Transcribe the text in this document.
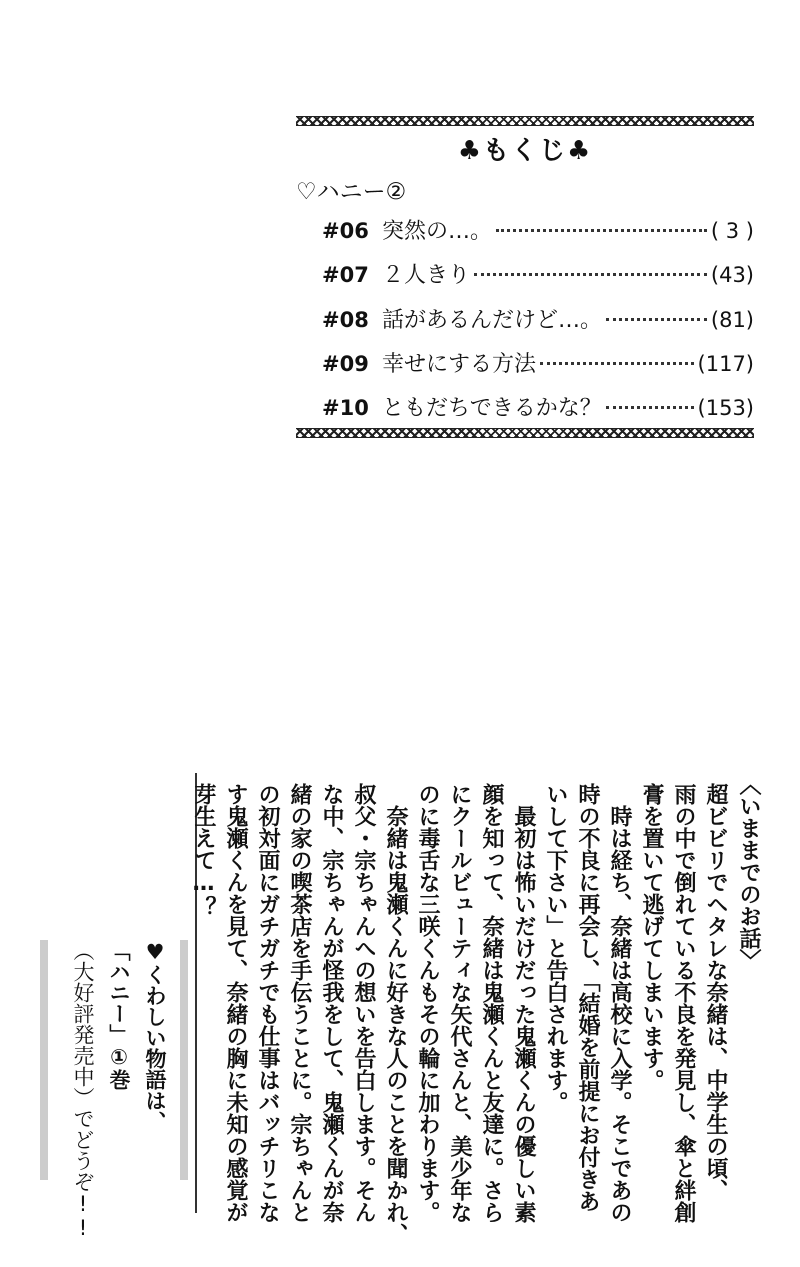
♣もくじ♣
♡ハニー②
#06 突然の…。	( 3 )
#07 ２人きり	(43)
#08 話があるんだけど…。	(81)
#09 幸せにする方法	(117)
#10 ともだちできるかな？	(153)
〈いままでのお話〉
超ビビリでヘタレな奈緒は、中学生の頃、
雨の中で倒れている不良を発見し、傘と絆創
膏を置いて逃げてしまいます。
時は経ち、奈緒は高校に入学。そこであの
時の不良に再会し、「結婚を前提にお付きあ
いして下さい」と告白されます。
最初は怖いだけだった鬼瀬くんの優しい素
顔を知って、奈緒は鬼瀬くんと友達に。さら
にクールビューティな矢代さんと、美少年な
のに毒舌な三咲くんもその輪に加わります。
奈緒は鬼瀬くんに好きな人のことを聞かれ、
叔父・宗ちゃんへの想いを告白します。そん
な中、宗ちゃんが怪我をして、鬼瀬くんが奈
緒の家の喫茶店を手伝うことに。宗ちゃんと
の初対面にガチガチでも仕事はバッチリこな
す鬼瀬くんを見て、奈緒の胸に未知の感覚が
芽生えて…？
♥くわしい物語は、
「ハニー」①巻
（大好評発売中）でどうぞ!!
